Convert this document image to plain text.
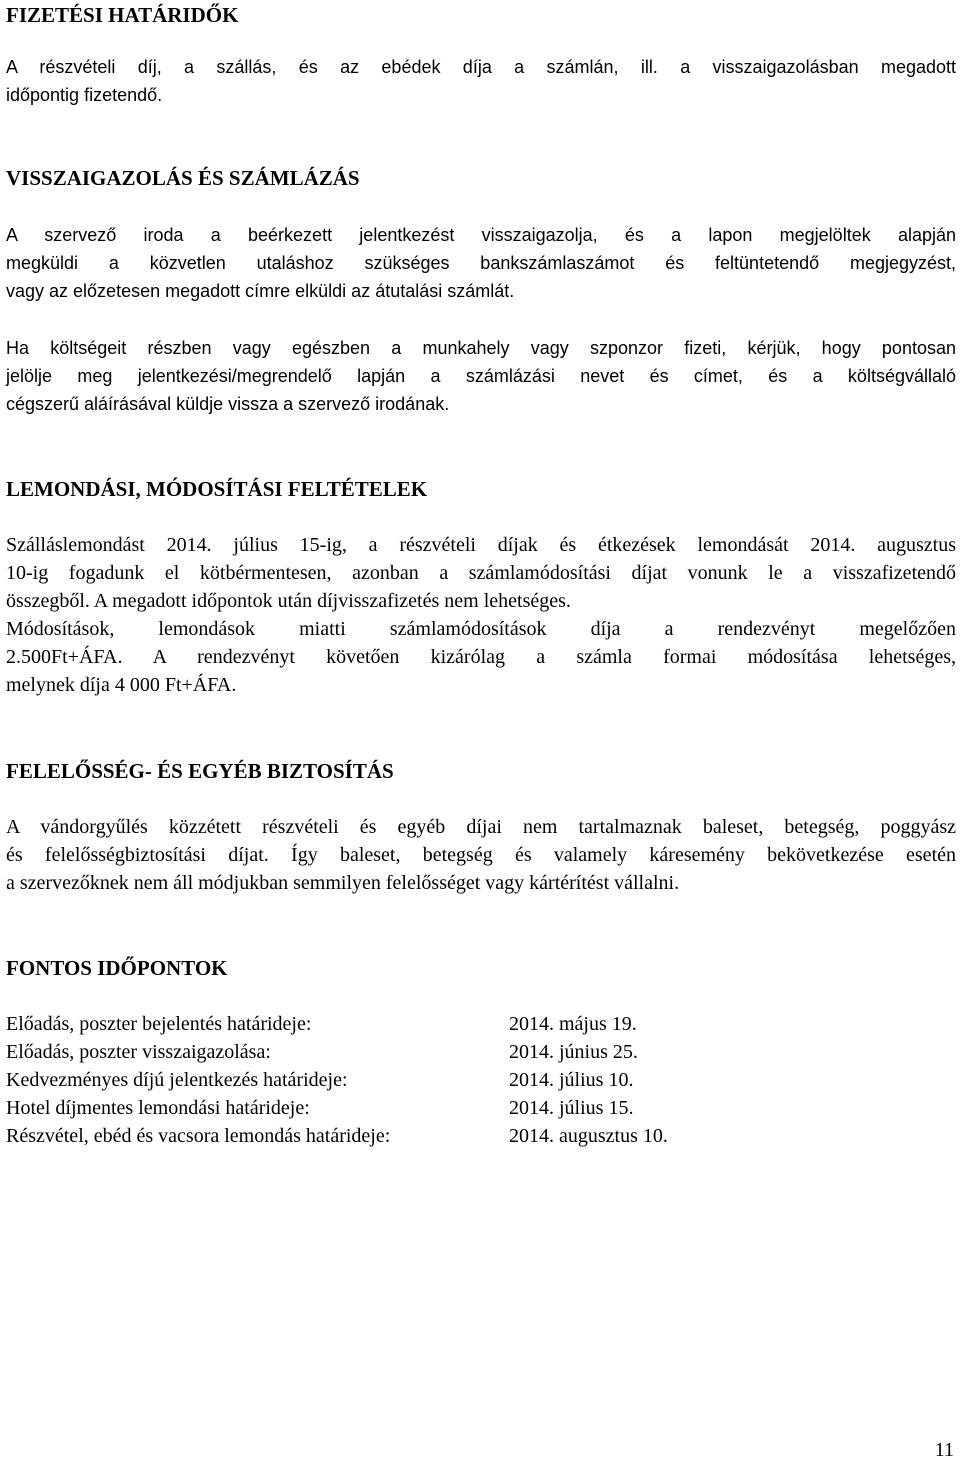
FIZETÉSI HATÁRIDŐK
A részvételi díj, a szállás, és az ebédek díja a számlán, ill. a visszaigazolásban megadott
időpontig fizetendő.
VISSZAIGAZOLÁS ÉS SZÁMLÁZÁS
A szervező iroda a beérkezett jelentkezést visszaigazolja, és a lapon megjelöltek alapján
megküldi a közvetlen utaláshoz szükséges bankszámlaszámot és feltüntetendő megjegyzést,
vagy az előzetesen megadott címre elküldi az átutalási számlát.
Ha költségeit részben vagy egészben a munkahely vagy szponzor fizeti, kérjük, hogy pontosan
jelölje meg jelentkezési/megrendelő lapján a számlázási nevet és címet, és a költségvállaló
cégszerű aláírásával küldje vissza a szervező irodának.
LEMONDÁSI, MÓDOSÍTÁSI FELTÉTELEK
Szálláslemondást 2014. július 15-ig, a részvételi díjak és étkezések lemondását 2014. augusztus
10-ig fogadunk el kötbérmentesen, azonban a számlamódosítási díjat vonunk le a visszafizetendő
összegből. A megadott időpontok után díjvisszafizetés nem lehetséges.
Módosítások, lemondások miatti számlamódosítások díja a rendezvényt megelőzően
2.500Ft+ÁFA. A rendezvényt követően kizárólag a számla formai módosítása lehetséges,
melynek díja 4 000 Ft+ÁFA.
FELELŐSSÉG- ÉS EGYÉB BIZTOSÍTÁS
A vándorgyűlés közzétett részvételi és egyéb díjai nem tartalmaznak baleset, betegség, poggyász
és felelősségbiztosítási díjat. Így baleset, betegség és valamely káresemény bekövetkezése esetén
a szervezőknek nem áll módjukban semmilyen felelősséget vagy kártérítést vállalni.
FONTOS IDŐPONTOK
Előadás, poszter bejelentés határideje:	2014. május 19.
Előadás, poszter visszaigazolása:	2014. június 25.
Kedvezményes díjú jelentkezés határideje:	2014. július 10.
Hotel díjmentes lemondási határideje:	2014. július 15.
Részvétel, ebéd és vacsora lemondás határideje:	2014. augusztus 10.
11
